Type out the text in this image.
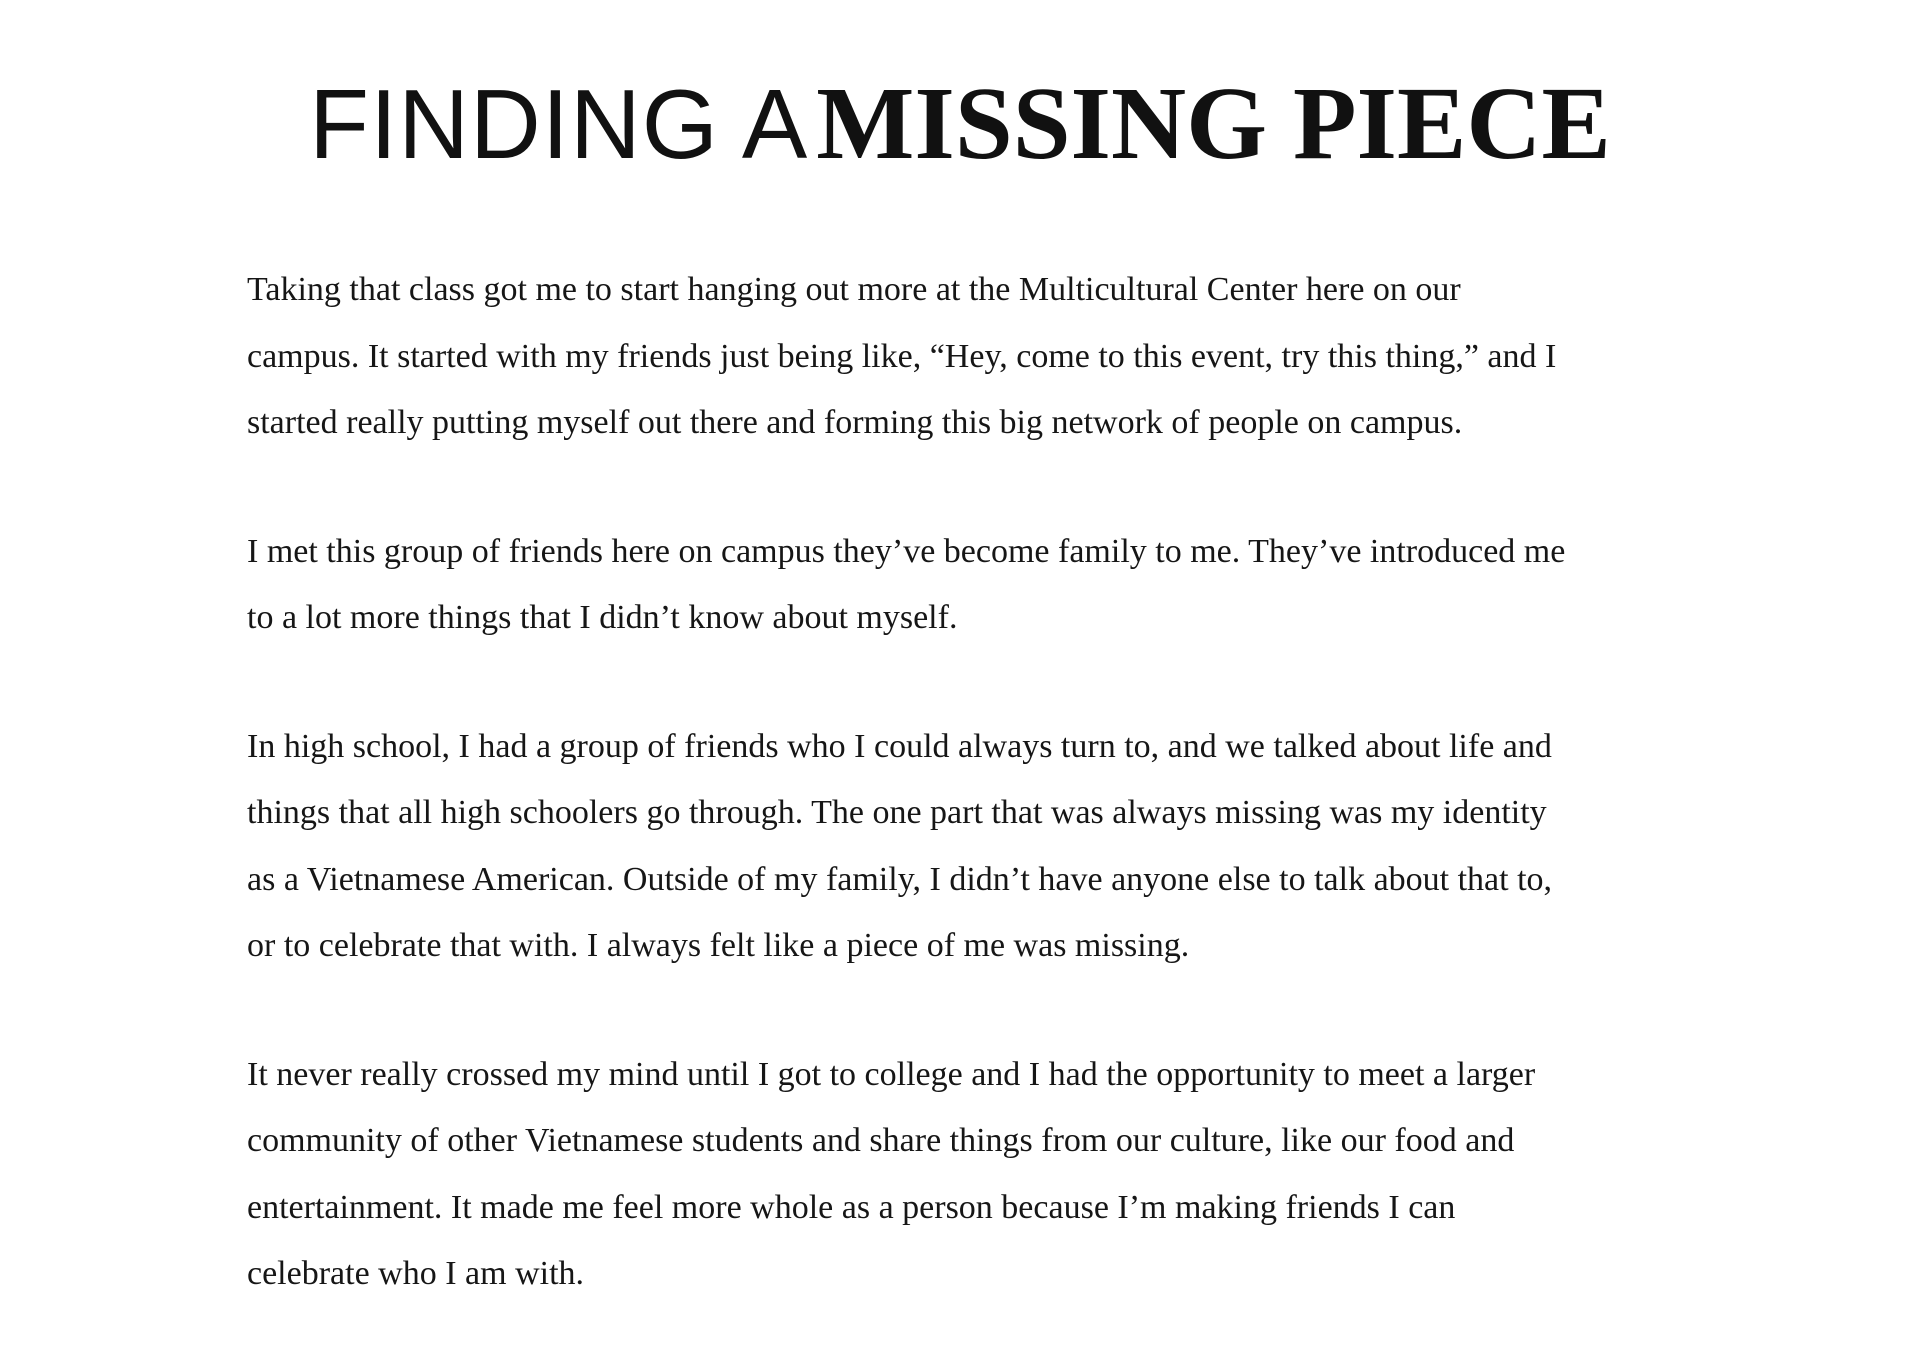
FINDING A MISSING PIECE

Taking that class got me to start hanging out more at the Multicultural Center here on our
campus. It started with my friends just being like, “Hey, come to this event, try this thing,” and I
started really putting myself out there and forming this big network of people on campus.

I met this group of friends here on campus they’ve become family to me. They’ve introduced me
to a lot more things that I didn’t know about myself.

In high school, I had a group of friends who I could always turn to, and we talked about life and
things that all high schoolers go through. The one part that was always missing was my identity
as a Vietnamese American. Outside of my family, I didn’t have anyone else to talk about that to,
or to celebrate that with. I always felt like a piece of me was missing.

It never really crossed my mind until I got to college and I had the opportunity to meet a larger
community of other Vietnamese students and share things from our culture, like our food and
entertainment. It made me feel more whole as a person because I’m making friends I can
celebrate who I am with.
